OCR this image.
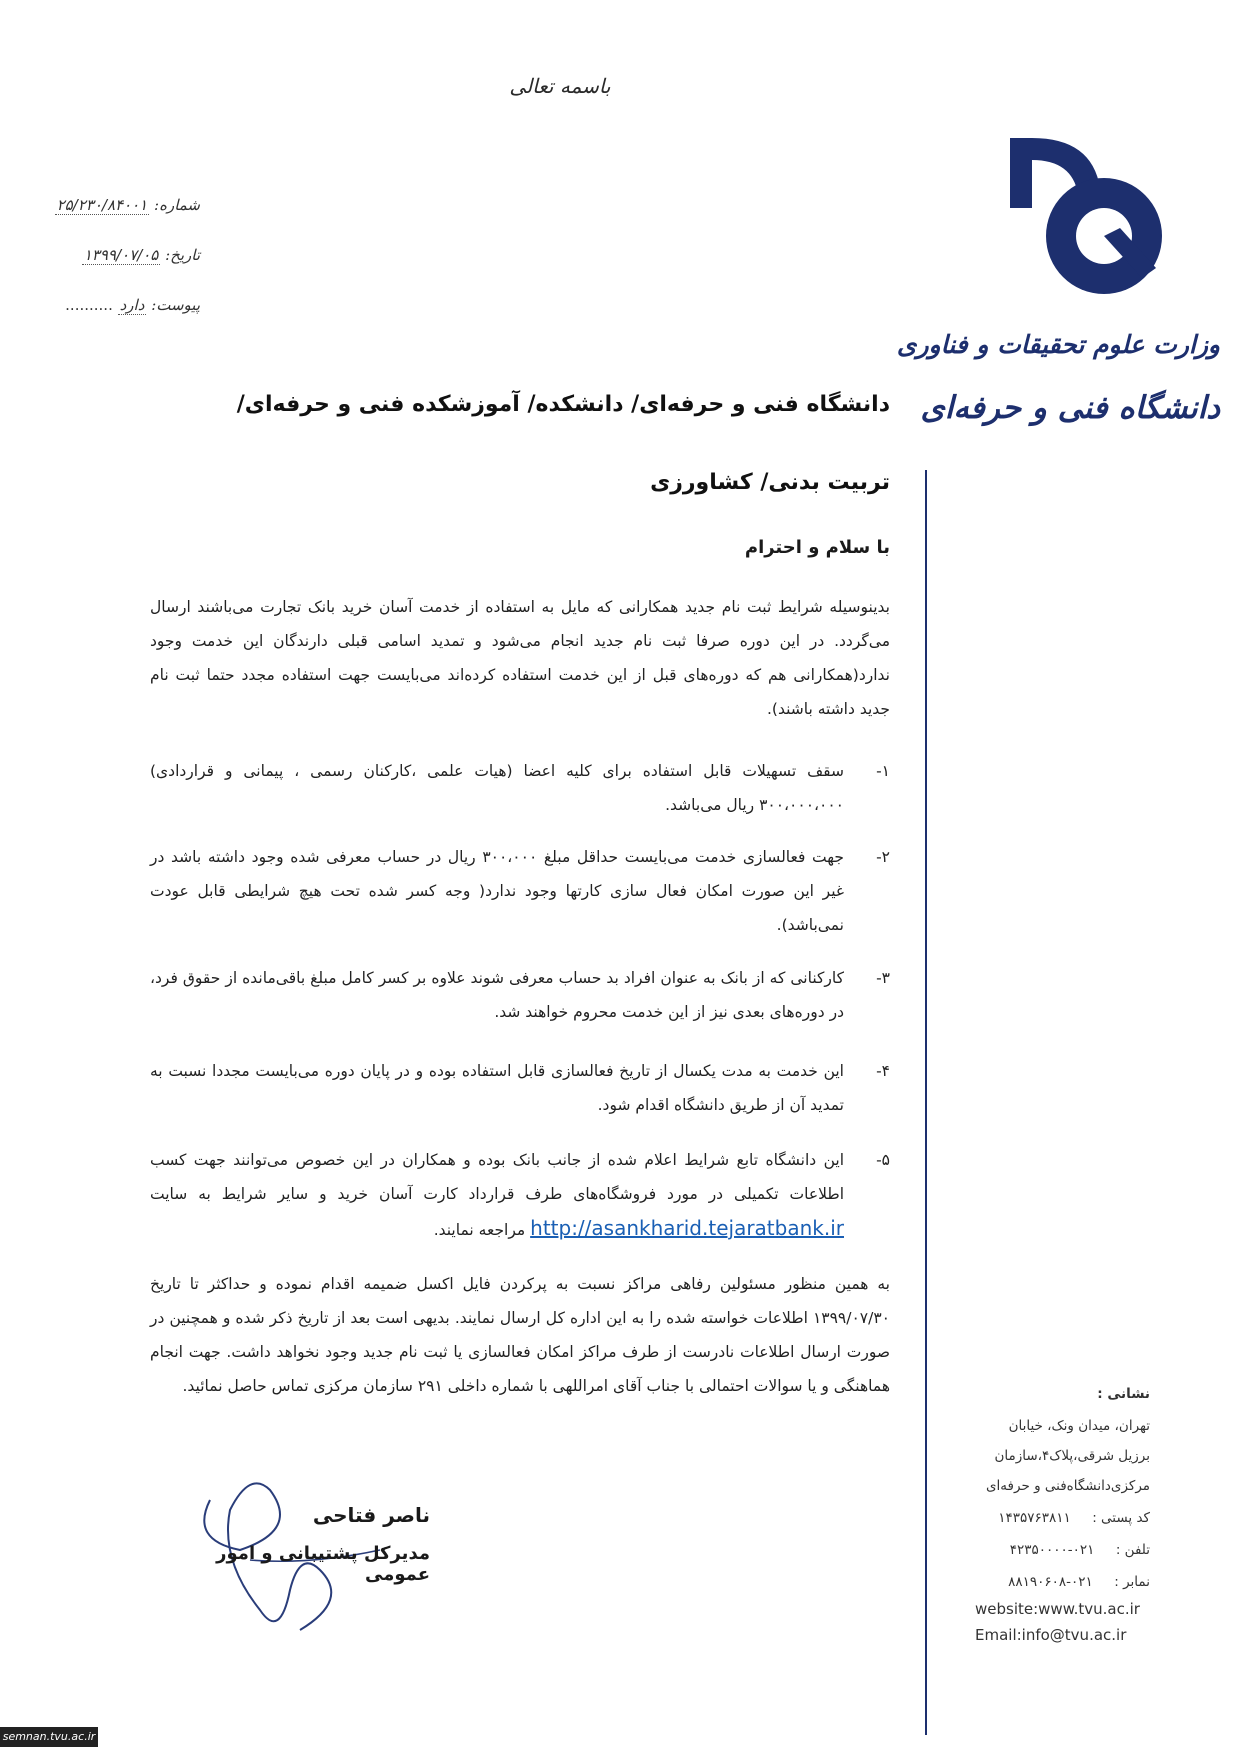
باسمه تعالی
شماره: ۲۵/۲۳۰/۸۴۰۰۱
تاریخ: ۱۳۹۹/۰۷/۰۵
پیوست: دارد ..........
وزارت علوم تحقیقات و فناوری
دانشگاه فنی و حرفه‌ای
دانشگاه فنی و حرفه‌ای/ دانشکده/ آموزشکده فنی و حرفه‌ای/
تربیت بدنی/ کشاورزی
با سلام و احترام
بدینوسیله شرایط ثبت نام جدید همکارانی که مایل به استفاده از خدمت آسان خرید بانک تجارت می‌باشند ارسال می‌گردد. در این دوره صرفا ثبت نام جدید انجام می‌شود و تمدید اسامی قبلی دارندگان این خدمت وجود ندارد(همکارانی هم که دوره‌های قبل از این خدمت استفاده کرده‌اند می‌بایست جهت استفاده مجدد حتما ثبت نام جدید داشته باشند).
۱-
سقف تسهیلات قابل استفاده برای کلیه اعضا (هیات علمی ،کارکنان رسمی ، پیمانی و قراردادی) ۳۰۰،۰۰۰،۰۰۰ ریال می‌باشد.
۲-
جهت فعالسازی خدمت می‌بایست حداقل مبلغ ۳۰۰،۰۰۰ ریال در حساب معرفی شده وجود داشته باشد در غیر این صورت امکان فعال سازی کارتها وجود ندارد( وجه کسر شده تحت هیچ شرایطی قابل عودت نمی‌باشد).
۳-
کارکنانی که از بانک به عنوان افراد بد حساب معرفی شوند علاوه بر کسر کامل مبلغ باقی‌مانده از حقوق فرد، در دوره‌های بعدی نیز از این خدمت محروم خواهند شد.
۴-
این خدمت به مدت یکسال از تاریخ فعالسازی قابل استفاده بوده و در پایان دوره می‌بایست مجددا نسبت به تمدید آن از طریق دانشگاه اقدام شود.
۵-
این دانشگاه تابع شرایط اعلام شده از جانب بانک بوده و همکاران در این خصوص می‌توانند جهت کسب اطلاعات تکمیلی در مورد فروشگاه‌های طرف قرارداد کارت آسان خرید و سایر شرایط به سایت http://asankharid.tejaratbank.ir مراجعه نمایند.
به همین منظور مسئولین رفاهی مراکز نسبت به پرکردن فایل اکسل ضمیمه اقدام نموده و حداکثر تا تاریخ ۱۳۹۹/۰۷/۳۰ اطلاعات خواسته شده را به این اداره کل ارسال نمایند. بدیهی است بعد از تاریخ ذکر شده و همچنین در صورت ارسال اطلاعات نادرست از طرف مراکز امکان فعالسازی یا ثبت نام جدید وجود نخواهد داشت. جهت انجام هماهنگی و یا سوالات احتمالی با جناب آقای امراللهی با شماره داخلی ۲۹۱ سازمان مرکزی تماس حاصل نمائید.
ناصر فتاحی
مدیرکل پشتیبانی و امور عمومی
نشانی :
تهران، میدان ونک، خیابان
برزیل شرقی،پلاک۴،سازمان
مرکزی‌دانشگاه‌فنی و حرفه‌ای
کد پستی :     ۱۴۳۵۷۶۳۸۱۱
تلفن :     ۰۲۱-۴۲۳۵۰۰۰۰
نمابر :     ۰۲۱-۸۸۱۹۰۶۰۸
website:www.tvu.ac.ir
Email:info@tvu.ac.ir
semnan.tvu.ac.ir
